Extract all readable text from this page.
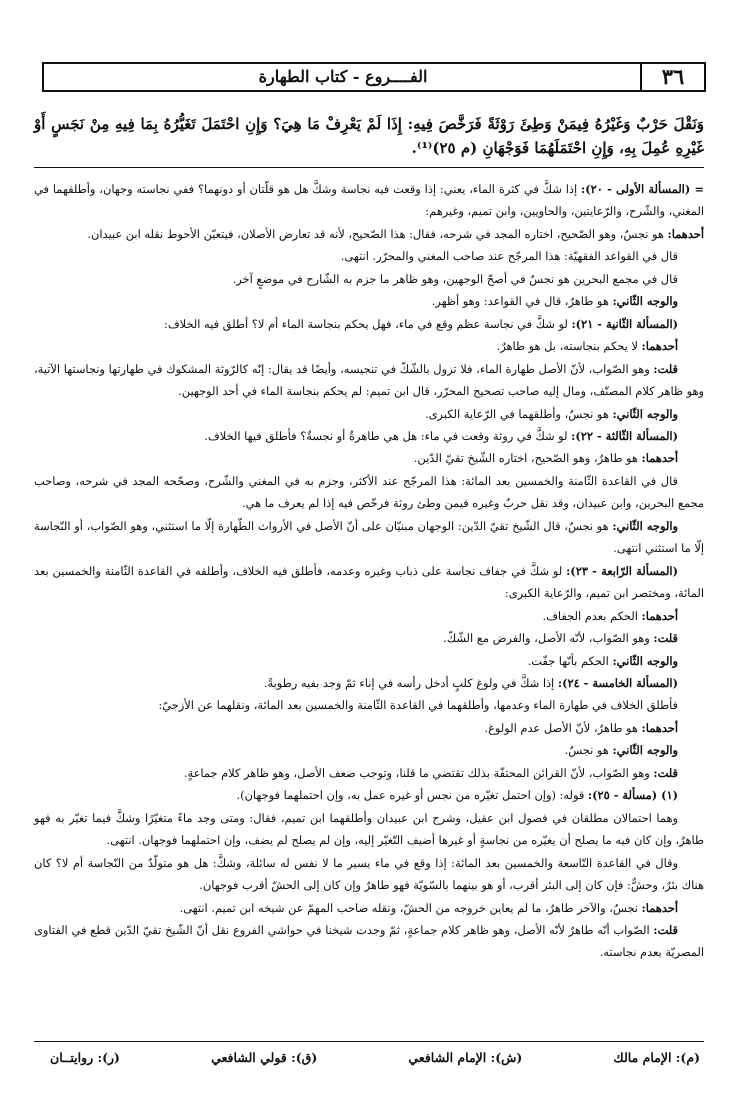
٣٦
الفــــروع - كتاب الطهارة
وَنَقْلَ حَرْبٌ وَغَيْرُهُ فِيمَنْ وَطِئَ رَوْثَةً فَرَخَّصَ فِيهِ: إِذَا لَمْ يَعْرِفْ مَا هِيَ؟ وَإِنِ احْتَمَلَ تَغَيُّرُهُ بِمَا فِيهِ مِنْ نَجَسٍ أَوْ غَيْرِهِ عُمِلَ بِهِ، وَإِنِ احْتَمَلَهُمَا فَوَجْهَانِ (م ٢٥)⁽¹⁾.

= (المسألة الأولى - ٢٠): إذا شكَّ في كثرة الماء، يعني: إذا وقعت فيه نجاسة وشكَّ هل هو قلّتان أو دونهما؟ ففي نجاسته وجهان، وأطلقهما في المغني، والشّرح، والرّعايتين، والحاويين، وابن تميم، وغيرهم:

أحدهما: هو نجسٌ، وهو الصّحيح، اختاره المجد في شرحه، فقال: هذا الصّحيح، لأنه قد تعارض الأصلان، فيتعيّن الأحوط نقله ابن عبيدان.

قال في القواعد الفقهيّة: هذا المرجّح عند صاحب المغني والمحرّر. انتهى.

قال في مجمع البحرين هو نجسٌ في أصحّ الوجهين، وهو ظاهر ما جزم به الشّارح في موضعٍ آخر.

والوجه الثّاني: هو طاهرٌ، قال في القواعد: وهو أظهر.

(المسألة الثّانية - ٢١): لو شكَّ في نجاسة عظم وقع في ماء، فهل يحكم بنجاسة الماء أم لا؟ أطلق فيه الخلاف:

أحدهما: لا يحكم بنجاسته، بل هو طاهرٌ.

قلت: وهو الصّواب، لأنّ الأصل طهارة الماء، فلا تزول بالشّكّ في تنجيسه، وأيضًا قد يقال: إنّه كالرّوثة المشكوك في طهارتها ونجاستها الآتية، وهو ظاهر كلام المصنّف، ومال إليه صاحب تصحيح المحرّر، قال ابن تميم: لم يحكم بنجاسة الماء في أحد الوجهين.

والوجه الثّاني: هو نجسٌ، وأطلقهما في الرّعاية الكبرى.

(المسألة الثّالثة - ٢٢): لو شكَّ في روثة وقعت في ماء: هل هي طاهرةٌ أو نجسةٌ؟ فأطلق فيها الخلاف.

أحدهما: هو طاهرٌ، وهو الصّحيح، اختاره الشّيخ تقيّ الدّين.

قال في القاعدة الثّامنة والخمسين بعد المائة: هذا المرجّح عند الأكثر، وجزم به في المغني والشّرح، وصحّحه المجد في شرحه، وصاحب مجمع البحرين، وابن عبيدان، وقد نقل حربٌ وغيره فيمن وطئ روثة فرخّص فيه إذا لم يعرف ما هي.

والوجه الثّاني: هو نجسٌ، قال الشّيخ تقيّ الدّين: الوجهان مبنيّان على أنّ الأصل في الأرواث الطّهارة إلّا ما استثني، وهو الصّواب، أو النّجاسة إلّا ما استثني انتهى.

(المسألة الرّابعة - ٢٣): لو شكَّ في جفاف نجاسة على ذباب وغيره وعدمه، فأطلق فيه الخلاف، وأطلقه في القاعدة الثّامنة والخمسين بعد المائة، ومختصر ابن تميم، والرّعاية الكبرى:

أحدهما: الحكم بعدم الجفاف.

قلت: وهو الصّواب، لأنّه الأصل، والفرض مع الشّكّ.

والوجه الثّاني: الحكم بأنّها جفّت.

(المسألة الخامسة - ٢٤): إذا شكَّ في ولوغ كلبٍ أدخل رأسه في إناء ثمّ وجد بفيه رطوبةً.

فأطلق الخلاف في طهارة الماء وعدمها، وأطلقهما في القاعدة الثّامنة والخمسين بعد المائة، ونقلهما عن الأزجيّ:

أحدهما: هو طاهرٌ، لأنّ الأصل عدم الولوغ.

والوجه الثّاني: هو نجسٌ.

قلت: وهو الصّواب، لأنّ القرائن المحتفّة بذلك تقتضي ما قلنا، وتوجب ضعف الأصل، وهو ظاهر كلام جماعةٍ.

(١) (مسألة - ٢٥): قوله: (وإن احتمل تغيّره من نجس أو غيره عمل به، وإن احتملهما فوجهان).

وهما احتمالان مطلقان في فصول ابن عقيل، وشرح ابن عبيدان وأطلقهما ابن تميم، فقال: ومتى وجد ماءً متغيّرًا وشكَّ فيما تغيّر به فهو طاهرٌ، وإن كان فيه ما يصلح أن يغيّره من نجاسةٍ أو غيرها أضيف التّغيّر إليه، وإن لم يصلح لم يضف، وإن احتملهما فوجهان. انتهى.

وقال في القاعدة التّاسعة والخمسين بعد المائة: إذا وقع في ماء يسير ما لا نفس له سائلة، وشكَّ: هل هو متولّدٌ من النّجاسة أم لا؟ كان هناك بئرٌ، وحشٌّ: فإن كان إلى البئر أقرب، أو هو بينهما بالسّويّة فهو طاهرٌ وإن كان إلى الحشّ أقرب فوجهان.

أحدهما: نجسٌ، والآخر طاهرٌ، ما لم يعاين خروجه من الحشّ، ونقله صاحب المهمّ عن شيخه ابن تميم. انتهى.

قلت: الصّواب أنّه طاهرٌ لأنّه الأصل، وهو ظاهر كلام جماعةٍ، ثمّ وجدت شيخنا في حواشي الفروع نقل أنّ الشّيخ تقيّ الدّين قطع في الفتاوى المصريّة بعدم نجاسته.

(م): الإمام مالك
(ش): الإمام الشافعي
(ق): قولي الشافعي
(ر): روايتــان
